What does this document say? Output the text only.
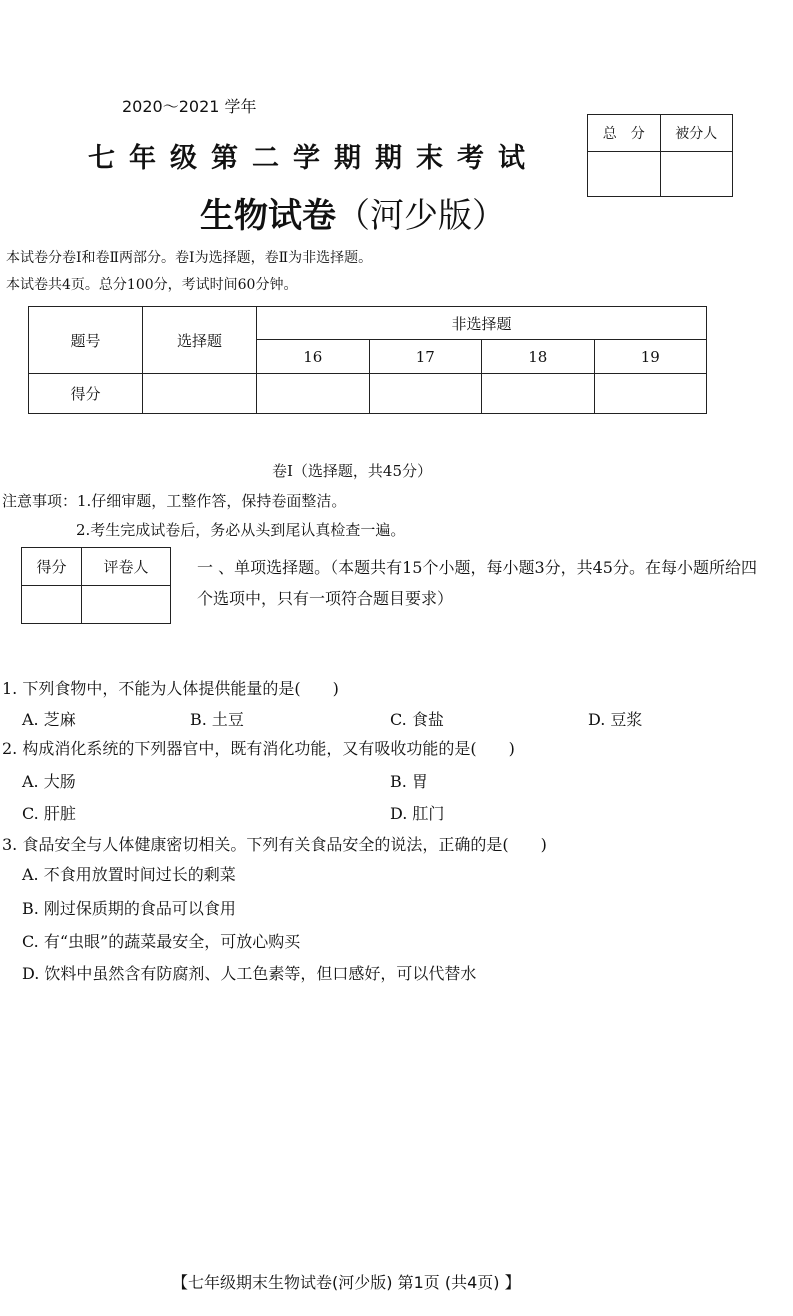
2020～2021 学年
七年级第二学期期末考试
生物试卷（河少版）
总　分	被分人

本试卷分卷Ⅰ和卷Ⅱ两部分。卷Ⅰ为选择题，卷Ⅱ为非选择题。
本试卷共4页。总分100分，考试时间60分钟。
题号	选择题	非选择题			
		16	17	18	19
得分					
卷Ⅰ（选择题，共45分）
注意事项：1.仔细审题，工整作答，保持卷面整洁。
2.考生完成试卷后，务必从头到尾认真检查一遍。
得分	评卷人
		一 、单项选择题。（本题共有15个小题，每小题3分，共45分。在每小题所给四个选项中，只有一项符合题目要求）
1. 下列食物中，不能为人体提供能量的是(　　)
A. 芝麻	B. 土豆	C. 食盐	D. 豆浆
2. 构成消化系统的下列器官中，既有消化功能，又有吸收功能的是(　　)
A. 大肠	B. 胃
C. 肝脏	D. 肛门
3. 食品安全与人体健康密切相关。下列有关食品安全的说法，正确的是(　　)
A. 不食用放置时间过长的剩菜
B. 刚过保质期的食品可以食用
C. 有“虫眼”的蔬菜最安全，可放心购买
D. 饮料中虽然含有防腐剂、人工色素等，但口感好，可以代替水
【七年级期末生物试卷(河少版) 第1页 (共4页) 】
